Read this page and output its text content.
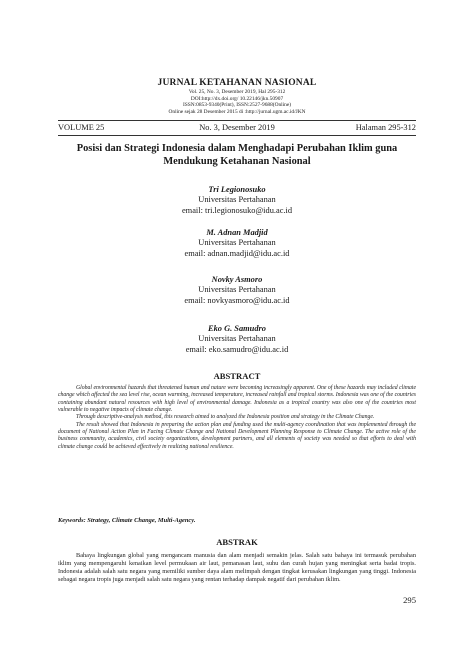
JURNAL KETAHANAN NASIONAL
Vol. 25, No. 3, Desember 2019, Hal 295-312
DOI:http://dx.doi.org/ 10.22146/jkn.50907
ISSN:0853-9340(Print), ISSN:2527-9688(Online)
Online sejak 28 Desember 2015 di :http://jurnal.ugm.ac.id/JKN
No. 3, Desember 2019
VOLUME 25	Halaman 295-312
Posisi dan Strategi Indonesia dalam Menghadapi Perubahan Iklim guna
Mendukung Ketahanan Nasional
Tri Legionosuko
Universitas Pertahanan
email: tri.legionosuko@idu.ac.id
M. Adnan Madjid
Universitas Pertahanan
email: adnan.madjid@idu.ac.id
Novky Asmoro
Universitas Pertahanan
email: novkyasmoro@idu.ac.id
Eko G. Samudro
Universitas Pertahanan
email: eko.samudro@idu.ac.id
ABSTRACT

Global environmental hazards that threatened human and nature were becoming increasingly apparent. One of these hazards may included climate change which affected the sea level rise, ocean warming, increased temperature, increased rainfall and tropical storms. Indonesia was one of the countries containing abundant natural resources with high level of environmental damage. Indonesia as a tropical country was also one of the countries most vulnerable to negative impacts of climate change.

Through descriptive-analysis method, this research aimed to analyzed the Indonesia position and strategy in the Climate Change.

The result showed that Indonesia in preparing the action plan and funding used the multi-agency coordination that was implemented through the document of National Action Plan in Facing Climate Change and National Development Planning Response to Climate Change. The active role of the business community, academics, civil society organizations, development partners, and all elements of society was needed so that efforts to deal with climate change could be achieved effectively in realizing national resilience.

Keywords: Strategy, Climate Change, Multi-Agency.
ABSTRAK

Bahaya lingkungan global yang mengancam manusia dan alam menjadi semakin jelas. Salah satu bahaya ini termasuk perubahan iklim yang mempengaruhi kenaikan level permukaan air laut, pemanasan laut, suhu dan curah hujan yang meningkat serta badai tropis. Indonesia adalah salah satu negara yang memiliki sumber daya alam melimpah dengan tingkat kerusakan lingkungan yang tinggi. Indonesia sebagai negara tropis juga menjadi salah satu negara yang rentan terhadap dampak negatif dari perubahan iklim.

295
